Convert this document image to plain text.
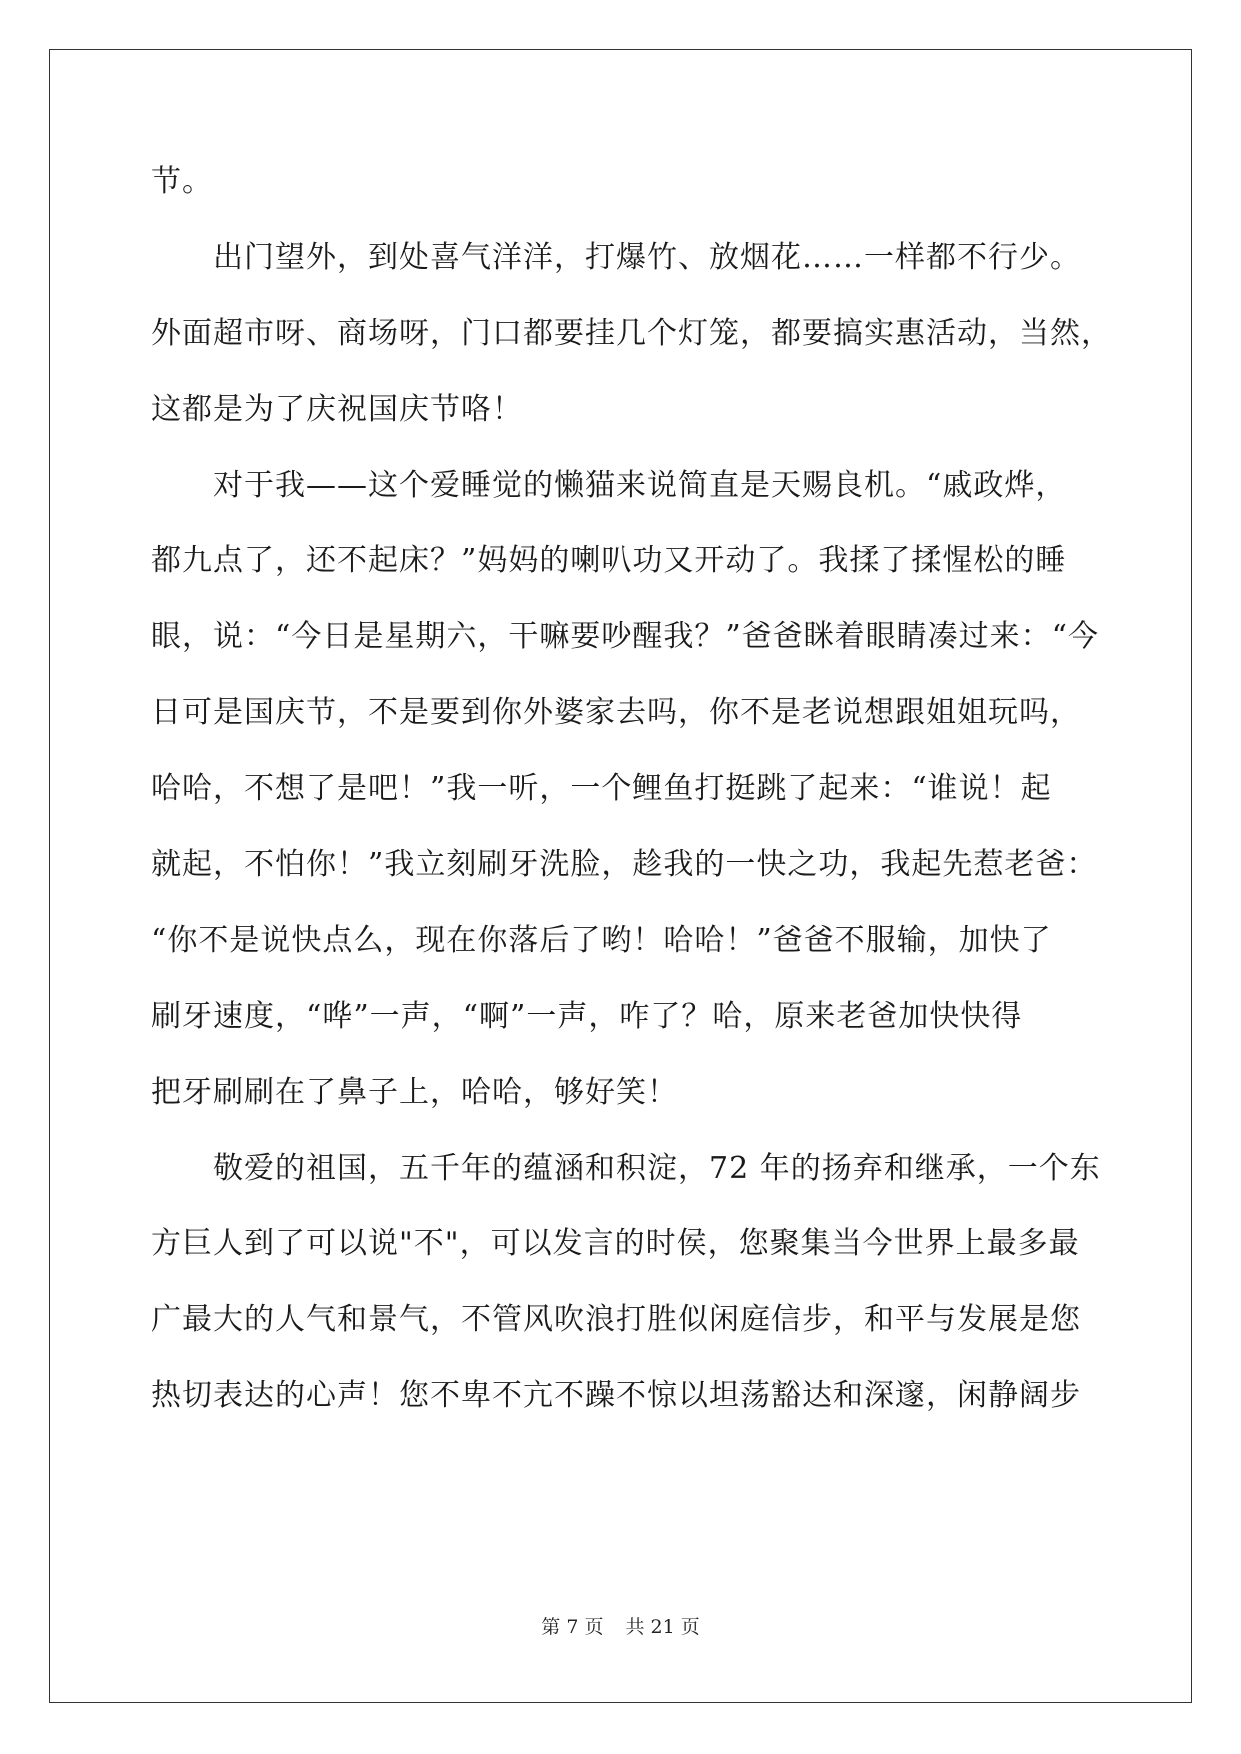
节。
出门望外，到处喜气洋洋，打爆竹、放烟花……一样都不行少。
外面超市呀、商场呀，门口都要挂几个灯笼，都要搞实惠活动，当然，
这都是为了庆祝国庆节咯！
对于我——这个爱睡觉的懒猫来说简直是天赐良机。“戚政烨，
都九点了，还不起床？”妈妈的喇叭功又开动了。我揉了揉惺松的睡
眼，说：“今日是星期六，干嘛要吵醒我？”爸爸眯着眼睛凑过来：“今
日可是国庆节，不是要到你外婆家去吗，你不是老说想跟姐姐玩吗，
哈哈，不想了是吧！”我一听，一个鲤鱼打挺跳了起来：“谁说！起
就起，不怕你！”我立刻刷牙洗脸，趁我的一快之功，我起先惹老爸：
“你不是说快点么，现在你落后了哟！哈哈！”爸爸不服输，加快了
刷牙速度，“哗”一声，“啊”一声，咋了？哈，原来老爸加快快得
把牙刷刷在了鼻子上，哈哈，够好笑！
敬爱的祖国，五千年的蕴涵和积淀，72 年的扬弃和继承，一个东
方巨人到了可以说"不"，可以发言的时侯，您聚集当今世界上最多最
广最大的人气和景气，不管风吹浪打胜似闲庭信步，和平与发展是您
热切表达的心声！您不卑不亢不躁不惊以坦荡豁达和深邃，闲静阔步
第 7 页 共 21 页
